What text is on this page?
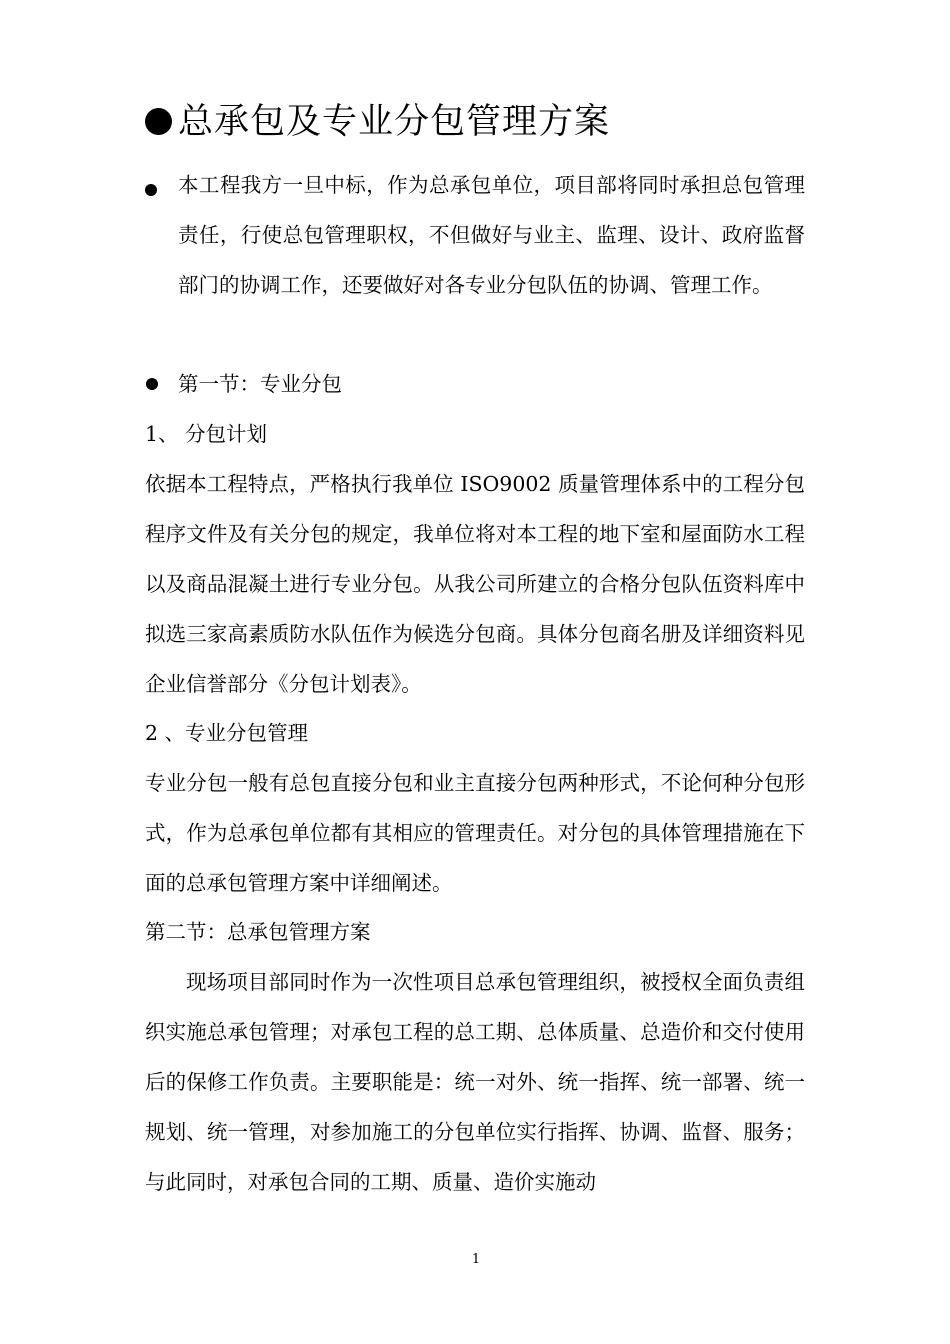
总承包及专业分包管理方案
本工程我方一旦中标，作为总承包单位，项目部将同时承担总包管理责任，行使总包管理职权，不但做好与业主、监理、设计、政府监督部门的协调工作，还要做好对各专业分包队伍的协调、管理工作。
第一节：专业分包
1、 分包计划
依据本工程特点，严格执行我单位 ISO9002 质量管理体系中的工程分包程序文件及有关分包的规定，我单位将对本工程的地下室和屋面防水工程以及商品混凝土进行专业分包。从我公司所建立的合格分包队伍资料库中拟选三家高素质防水队伍作为候选分包商。具体分包商名册及详细资料见企业信誉部分《分包计划表》。
2 、专业分包管理
专业分包一般有总包直接分包和业主直接分包两种形式，不论何种分包形式，作为总承包单位都有其相应的管理责任。对分包的具体管理措施在下面的总承包管理方案中详细阐述。
第二节：总承包管理方案
现场项目部同时作为一次性项目总承包管理组织，被授权全面负责组织实施总承包管理；对承包工程的总工期、总体质量、总造价和交付使用后的保修工作负责。主要职能是：统一对外、统一指挥、统一部署、统一规划、统一管理，对参加施工的分包单位实行指挥、协调、监督、服务；与此同时，对承包合同的工期、质量、造价实施动
1
